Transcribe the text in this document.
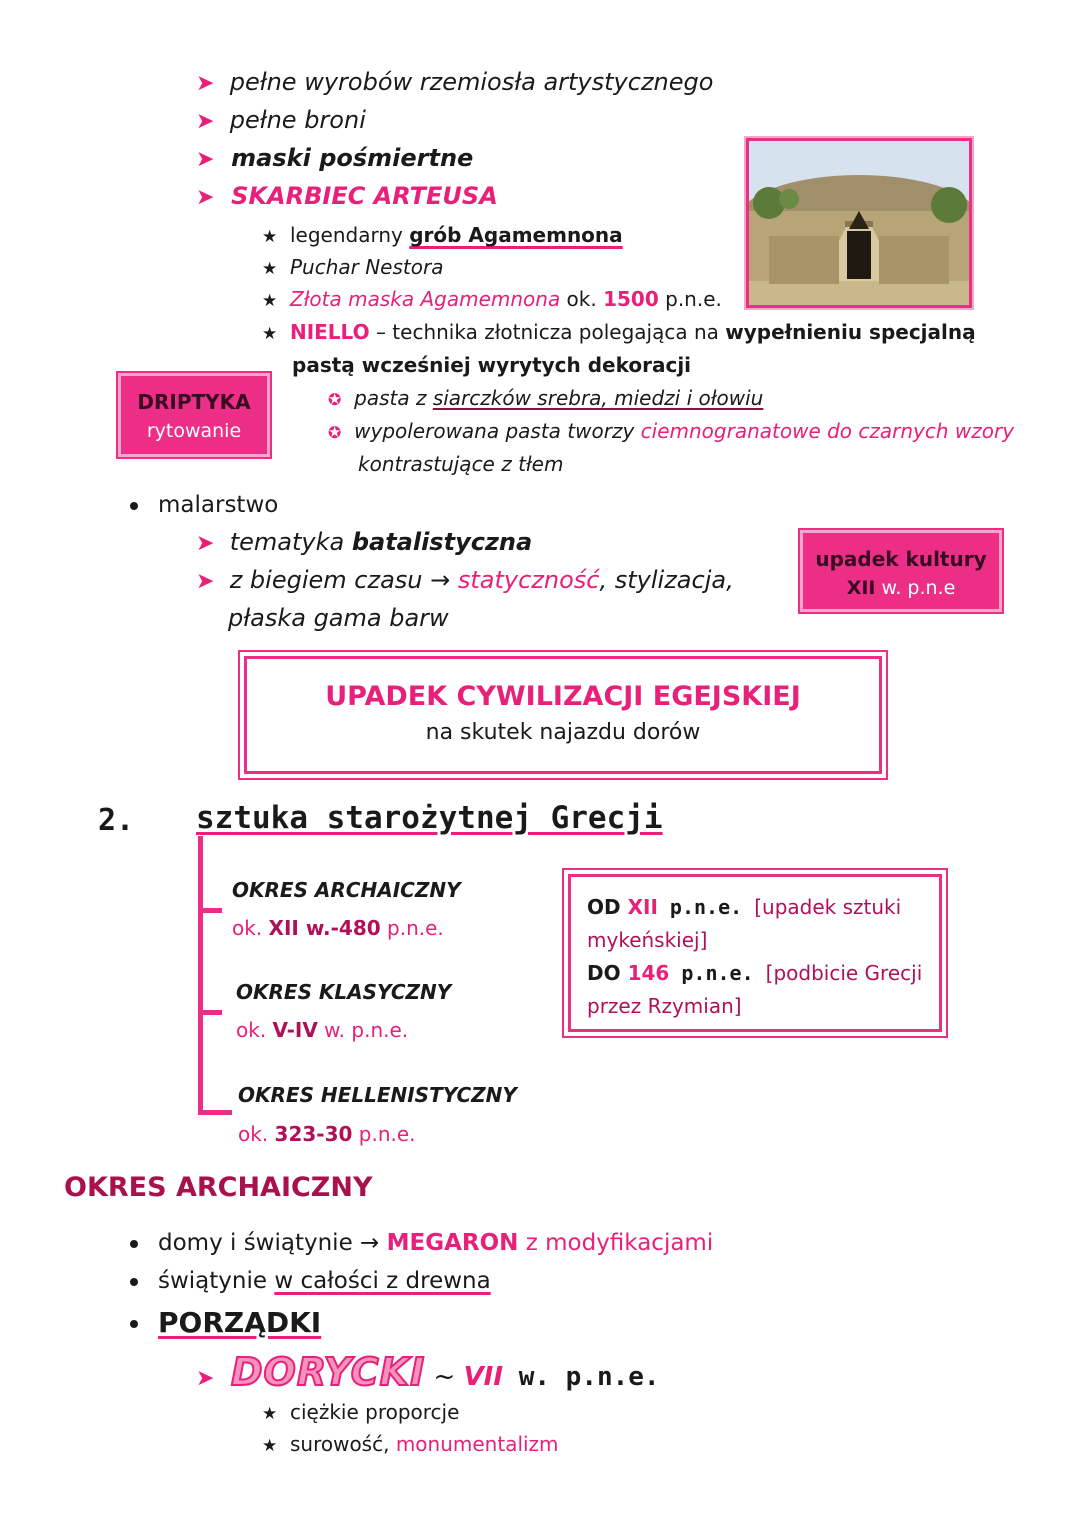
➤ pełne wyrobów rzemiosła artystycznego
➤ pełne broni
➤ maski pośmiertne
➤ SKARBIEC ARTEUSA
★ legendarny grób Agamemnona
★ Puchar Nestora
★ Złota maska Agamemnona ok. 1500 p.n.e.
★ NIELLO – technika złotnicza polegająca na wypełnieniu specjalną
pastą wcześniej wyrytych dekoracji
✪ pasta z siarczków srebra, miedzi i ołowiu
✪ wypolerowana pasta tworzy ciemnogranatowe do czarnych wzory
kontrastujące z tłem
DRIPTYKA
rytowanie
malarstwo
➤ tematyka batalistyczna
➤ z biegiem czasu → statyczność, stylizacja,
płaska gama barw
upadek kultury
XII w. p.n.e
UPADEK CYWILIZACJI EGEJSKIEJ
na skutek najazdu dorów
2. sztuka starożytnej Grecji
OKRES ARCHAICZNY
ok. XII w.-480 p.n.e.
OKRES KLASYCZNY
ok. V-IV w. p.n.e.
OKRES HELLENISTYCZNY
ok. 323-30 p.n.e.
OD XII p.n.e. [upadek sztuki
mykeńskiej]
DO 146 p.n.e. [podbicie Grecji
przez Rzymian]
OKRES ARCHAICZNY
domy i świątynie → MEGARON z modyfikacjami
świątynie w całości z drewna
PORZĄDKI
➤ DORYCKI ~ VII w. p.n.e.
★ ciężkie proporcje
★ surowość, monumentalizm
